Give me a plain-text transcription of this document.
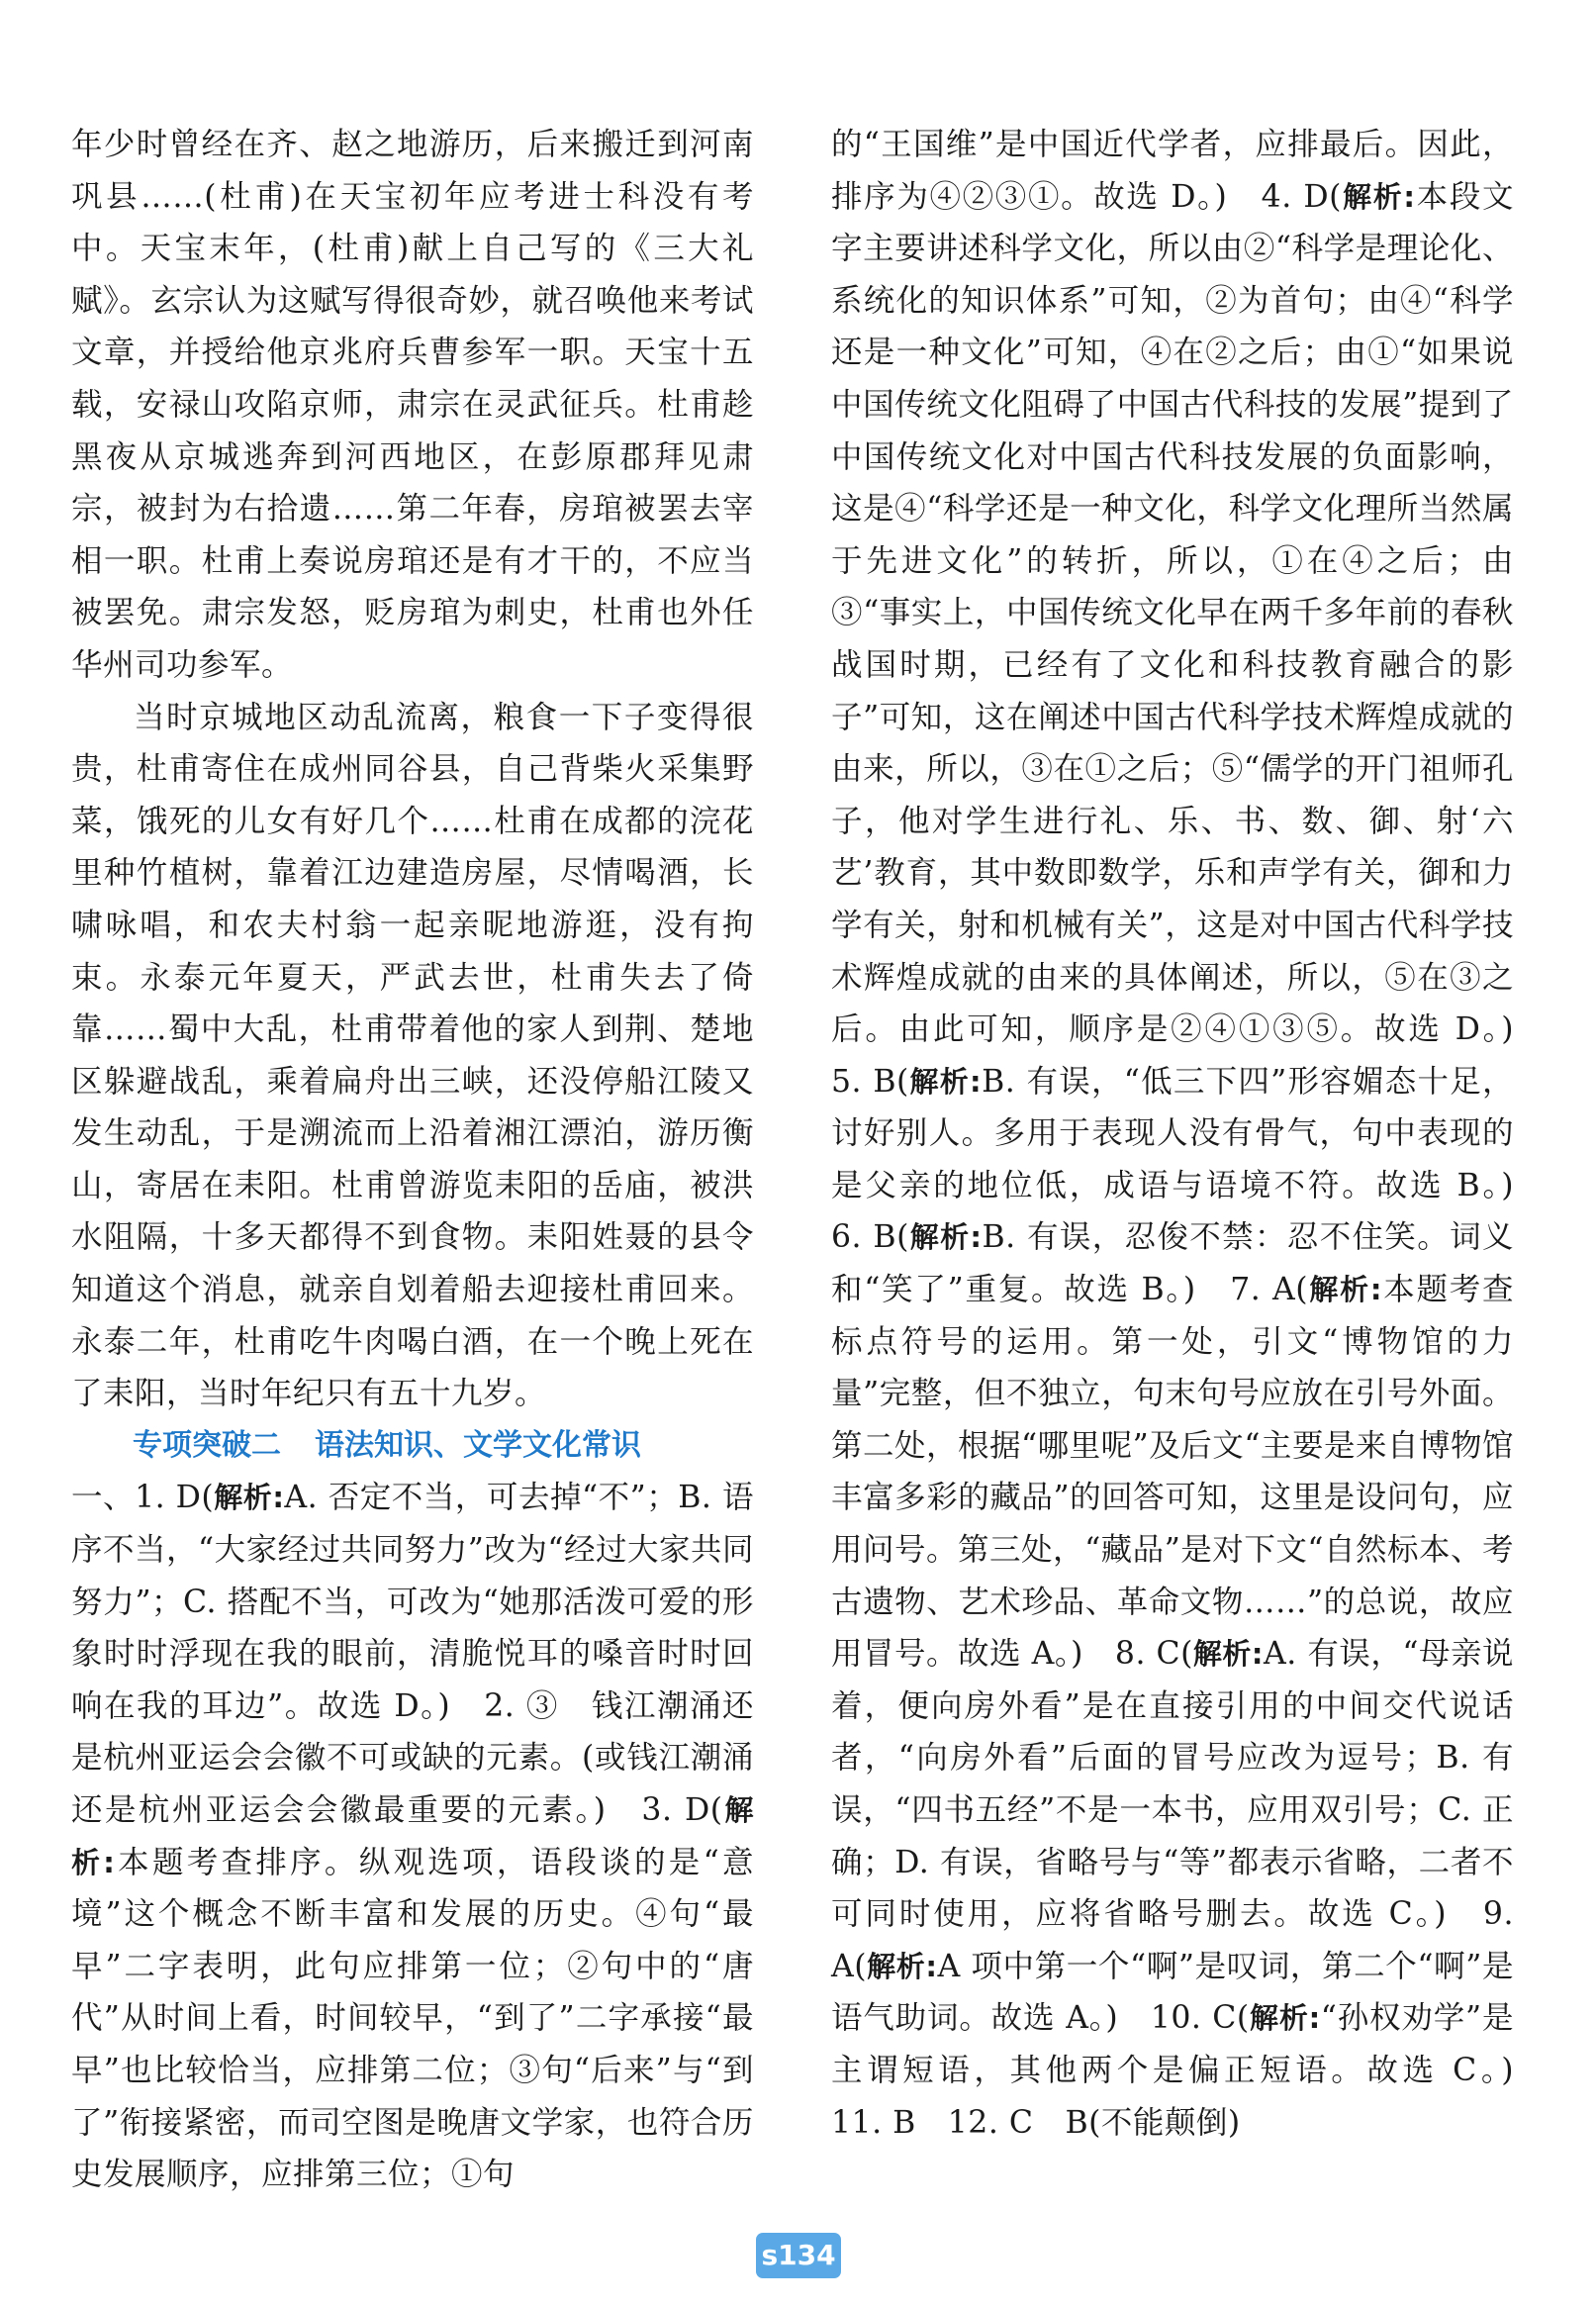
年少时曾经在齐、赵之地游历，后来搬迁到河南巩县……(杜甫)在天宝初年应考进士科没有考中。天宝末年，(杜甫)献上自己写的《三大礼赋》。玄宗认为这赋写得很奇妙，就召唤他来考试文章，并授给他京兆府兵曹参军一职。天宝十五载，安禄山攻陷京师，肃宗在灵武征兵。杜甫趁黑夜从京城逃奔到河西地区，在彭原郡拜见肃宗，被封为右拾遗……第二年春，房琯被罢去宰相一职。杜甫上奏说房琯还是有才干的，不应当被罢免。肃宗发怒，贬房琯为刺史，杜甫也外任华州司功参军。

当时京城地区动乱流离，粮食一下子变得很贵，杜甫寄住在成州同谷县，自己背柴火采集野菜，饿死的儿女有好几个……杜甫在成都的浣花里种竹植树，靠着江边建造房屋，尽情喝酒，长啸咏唱，和农夫村翁一起亲昵地游逛，没有拘束。永泰元年夏天，严武去世，杜甫失去了倚靠……蜀中大乱，杜甫带着他的家人到荆、楚地区躲避战乱，乘着扁舟出三峡，还没停船江陵又发生动乱，于是溯流而上沿着湘江漂泊，游历衡山，寄居在耒阳。杜甫曾游览耒阳的岳庙，被洪水阻隔，十多天都得不到食物。耒阳姓聂的县令知道这个消息，就亲自划着船去迎接杜甫回来。永泰二年，杜甫吃牛肉喝白酒，在一个晚上死在了耒阳，当时年纪只有五十九岁。

专项突破二 语法知识、文学文化常识

一、1. D(解析:A. 否定不当，可去掉“不”；B. 语序不当，“大家经过共同努力”改为“经过大家共同努力”；C. 搭配不当，可改为“她那活泼可爱的形象时时浮现在我的眼前，清脆悦耳的嗓音时时回响在我的耳边”。故选 D。)　2. ③　钱江潮涌还是杭州亚运会会徽不可或缺的元素。(或钱江潮涌还是杭州亚运会会徽最重要的元素。)　3. D(解析:本题考查排序。纵观选项，语段谈的是“意境”这个概念不断丰富和发展的历史。④句“最早”二字表明，此句应排第一位；②句中的“唐代”从时间上看，时间较早，“到了”二字承接“最早”也比较恰当，应排第二位；③句“后来”与“到了”衔接紧密，而司空图是晚唐文学家，也符合历史发展顺序，应排第三位；①句

的“王国维”是中国近代学者，应排最后。因此，排序为④②③①。故选 D。)　4. D(解析:本段文字主要讲述科学文化，所以由②“科学是理论化、系统化的知识体系”可知，②为首句；由④“科学还是一种文化”可知，④在②之后；由①“如果说中国传统文化阻碍了中国古代科技的发展”提到了中国传统文化对中国古代科技发展的负面影响，这是④“科学还是一种文化，科学文化理所当然属于先进文化”的转折，所以，①在④之后；由③“事实上，中国传统文化早在两千多年前的春秋战国时期，已经有了文化和科技教育融合的影子”可知，这在阐述中国古代科学技术辉煌成就的由来，所以，③在①之后；⑤“儒学的开门祖师孔子，他对学生进行礼、乐、书、数、御、射‘六艺’教育，其中数即数学，乐和声学有关，御和力学有关，射和机械有关”，这是对中国古代科学技术辉煌成就的由来的具体阐述，所以，⑤在③之后。由此可知，顺序是②④①③⑤。故选 D。)　5. B(解析:B. 有误，“低三下四”形容媚态十足，讨好别人。多用于表现人没有骨气，句中表现的是父亲的地位低，成语与语境不符。故选 B。)　6. B(解析:B. 有误，忍俊不禁：忍不住笑。词义和“笑了”重复。故选 B。)　7. A(解析:本题考查标点符号的运用。第一处，引文“博物馆的力量”完整，但不独立，句末句号应放在引号外面。第二处，根据“哪里呢”及后文“主要是来自博物馆丰富多彩的藏品”的回答可知，这里是设问句，应用问号。第三处，“藏品”是对下文“自然标本、考古遗物、艺术珍品、革命文物……”的总说，故应用冒号。故选 A。)　8. C(解析:A. 有误，“母亲说着，便向房外看”是在直接引用的中间交代说话者，“向房外看”后面的冒号应改为逗号；B. 有误，“四书五经”不是一本书，应用双引号；C. 正确；D. 有误，省略号与“等”都表示省略，二者不可同时使用，应将省略号删去。故选 C。)　9. A(解析:A 项中第一个“啊”是叹词，第二个“啊”是语气助词。故选 A。)　10. C(解析:“孙权劝学”是主谓短语，其他两个是偏正短语。故选 C。)　11. B　12. C　B(不能颠倒)

s134
